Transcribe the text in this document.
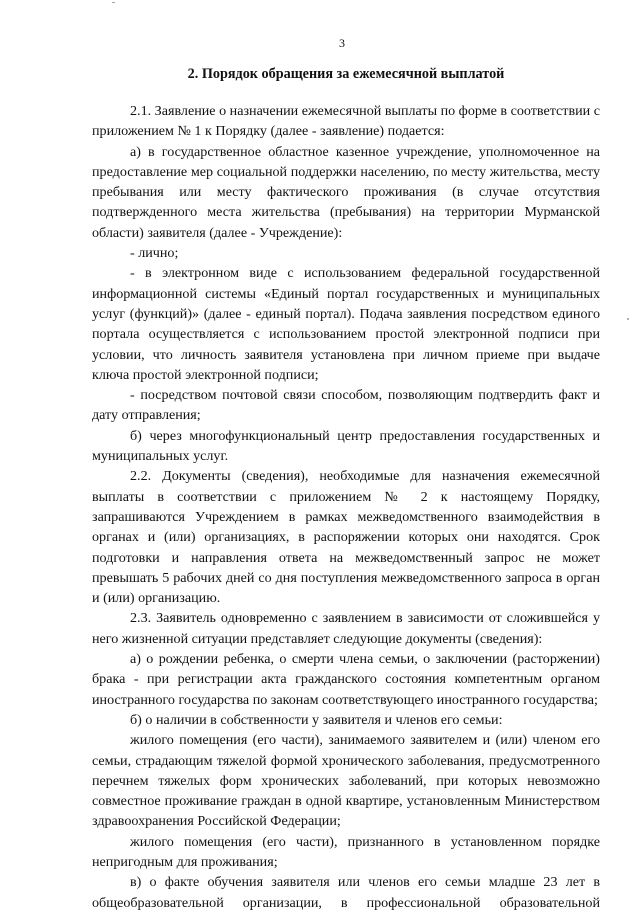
3
2. Порядок обращения за ежемесячной выплатой

2.1. Заявление о назначении ежемесячной выплаты по форме в соответствии с приложением № 1 к Порядку (далее - заявление) подается:

а) в государственное областное казенное учреждение, уполномоченное на предоставление мер социальной поддержки населению, по месту жительства, месту пребывания или месту фактического проживания (в случае отсутствия подтвержденного места жительства (пребывания) на территории Мурманской области) заявителя (далее - Учреждение):

- лично;

- в электронном виде с использованием федеральной государственной информационной системы «Единый портал государственных и муниципальных услуг (функций)» (далее - единый портал). Подача заявления посредством единого портала осуществляется с использованием простой электронной подписи при условии, что личность заявителя установлена при личном приеме при выдаче ключа простой электронной подписи;

- посредством почтовой связи способом, позволяющим подтвердить факт и дату отправления;

б) через многофункциональный центр предоставления государственных и муниципальных услуг.

2.2. Документы (сведения), необходимые для назначения ежемесячной выплаты в соответствии с приложением № 2 к настоящему Порядку, запрашиваются Учреждением в рамках межведомственного взаимодействия в органах и (или) организациях, в распоряжении которых они находятся. Срок подготовки и направления ответа на межведомственный запрос не может превышать 5 рабочих дней со дня поступления межведомственного запроса в орган и (или) организацию.

2.3. Заявитель одновременно с заявлением в зависимости от сложившейся у него жизненной ситуации представляет следующие документы (сведения):

а) о рождении ребенка, о смерти члена семьи, о заключении (расторжении) брака - при регистрации акта гражданского состояния компетентным органом иностранного государства по законам соответствующего иностранного государства;

б) о наличии в собственности у заявителя и членов его семьи:

жилого помещения (его части), занимаемого заявителем и (или) членом его семьи, страдающим тяжелой формой хронического заболевания, предусмотренного перечнем тяжелых форм хронических заболеваний, при которых невозможно совместное проживание граждан в одной квартире, установленным Министерством здравоохранения Российской Федерации;

жилого помещения (его части), признанного в установленном порядке непригодным для проживания;

в) о факте обучения заявителя или членов его семьи младше 23 лет в общеобразовательной организации, в профессиональной образовательной
